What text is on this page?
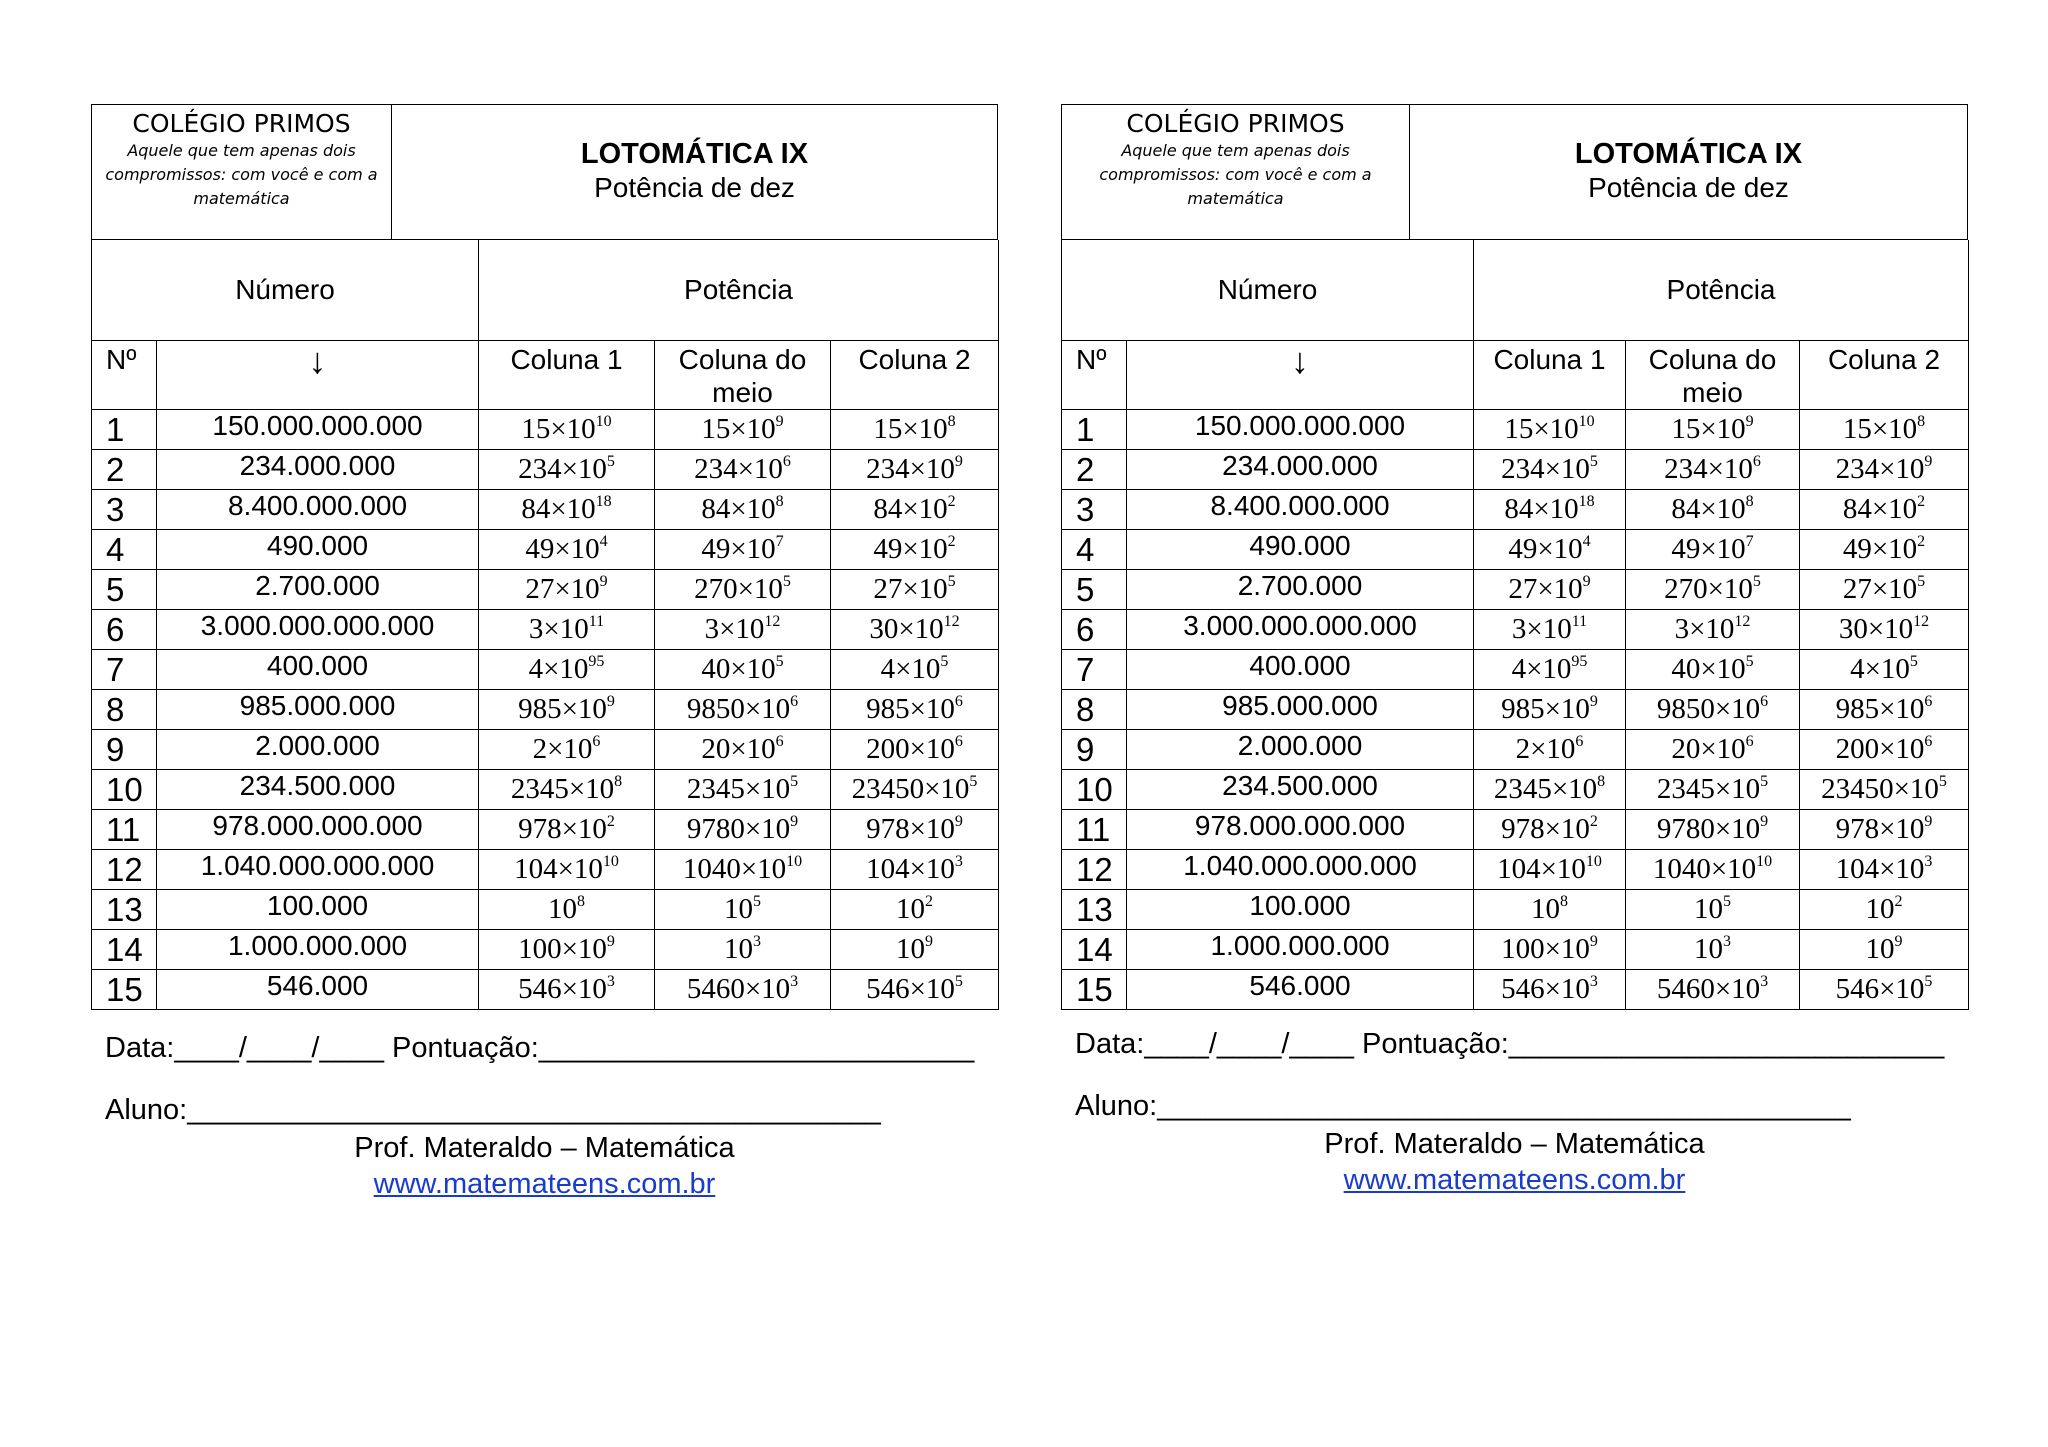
COLÉGIO PRIMOS
Aquele que tem apenas dois compromissos: com você e com a matemática
LOTOMÁTICA IX
Potência de dez
Número		Potência		
Nº	↓	Coluna 1	Coluna do meio	Coluna 2
1	150.000.000.000	$15\times 10^{10}$	$15\times 10^9$	$15\times 10^8$
2	234.000.000	$234\times 10^5$	$234\times 10^6$	$234\times 10^9$
3	8.400.000.000	$84\times 10^{18}$	$84\times 10^8$	$84\times 10^2$
4	490.000	$49\times 10^4$	$49\times 10^7$	$49\times 10^2$
5	2.700.000	$27\times 10^9$	$270\times 10^5$	$27\times 10^5$
6	3.000.000.000.000	$3\times 10^{11}$	$3\times 10^{12}$	$30\times 10^{12}$
7	400.000	$4\times 10^{95}$	$40\times 10^5$	$4\times 10^5$
8	985.000.000	$985\times 10^9$	$9850\times 10^6$	$985\times 10^6$
9	2.000.000	$2\times 10^6$	$20\times 10^6$	$200\times 10^6$
10	234.500.000	$2345\times 10^8$	$2345\times 10^5$	$23450\times 10^5$
11	978.000.000.000	$978\times 10^2$	$9780\times 10^9$	$978\times 10^9$
12	1.040.000.000.000	$104\times 10^{10}$	$1040\times 10^{10}$	$104\times 10^3$
13	100.000	$10^8$	$10^5$	$10^2$
14	1.000.000.000	$100\times 10^9$	$10^3$	$10^9$
15	546.000	$546\times 10^3$	$5460\times 10^3$	$546\times 10^5$
Data:____/____/____ Pontuação:___________________________
Aluno:___________________________________________
Prof. Materaldo – Matemática
www.matemateens.com.br
COLÉGIO PRIMOS
Aquele que tem apenas dois compromissos: com você e com a matemática
LOTOMÁTICA IX
Potência de dez
Número		Potência		
Nº	↓	Coluna 1	Coluna do meio	Coluna 2
1	150.000.000.000	$15\times 10^{10}$	$15\times 10^9$	$15\times 10^8$
2	234.000.000	$234\times 10^5$	$234\times 10^6$	$234\times 10^9$
3	8.400.000.000	$84\times 10^{18}$	$84\times 10^8$	$84\times 10^2$
4	490.000	$49\times 10^4$	$49\times 10^7$	$49\times 10^2$
5	2.700.000	$27\times 10^9$	$270\times 10^5$	$27\times 10^5$
6	3.000.000.000.000	$3\times 10^{11}$	$3\times 10^{12}$	$30\times 10^{12}$
7	400.000	$4\times 10^{95}$	$40\times 10^5$	$4\times 10^5$
8	985.000.000	$985\times 10^9$	$9850\times 10^6$	$985\times 10^6$
9	2.000.000	$2\times 10^6$	$20\times 10^6$	$200\times 10^6$
10	234.500.000	$2345\times 10^8$	$2345\times 10^5$	$23450\times 10^5$
11	978.000.000.000	$978\times 10^2$	$9780\times 10^9$	$978\times 10^9$
12	1.040.000.000.000	$104\times 10^{10}$	$1040\times 10^{10}$	$104\times 10^3$
13	100.000	$10^8$	$10^5$	$10^2$
14	1.000.000.000	$100\times 10^9$	$10^3$	$10^9$
15	546.000	$546\times 10^3$	$5460\times 10^3$	$546\times 10^5$
Data:____/____/____ Pontuação:___________________________
Aluno:___________________________________________
Prof. Materaldo – Matemática
www.matemateens.com.br
